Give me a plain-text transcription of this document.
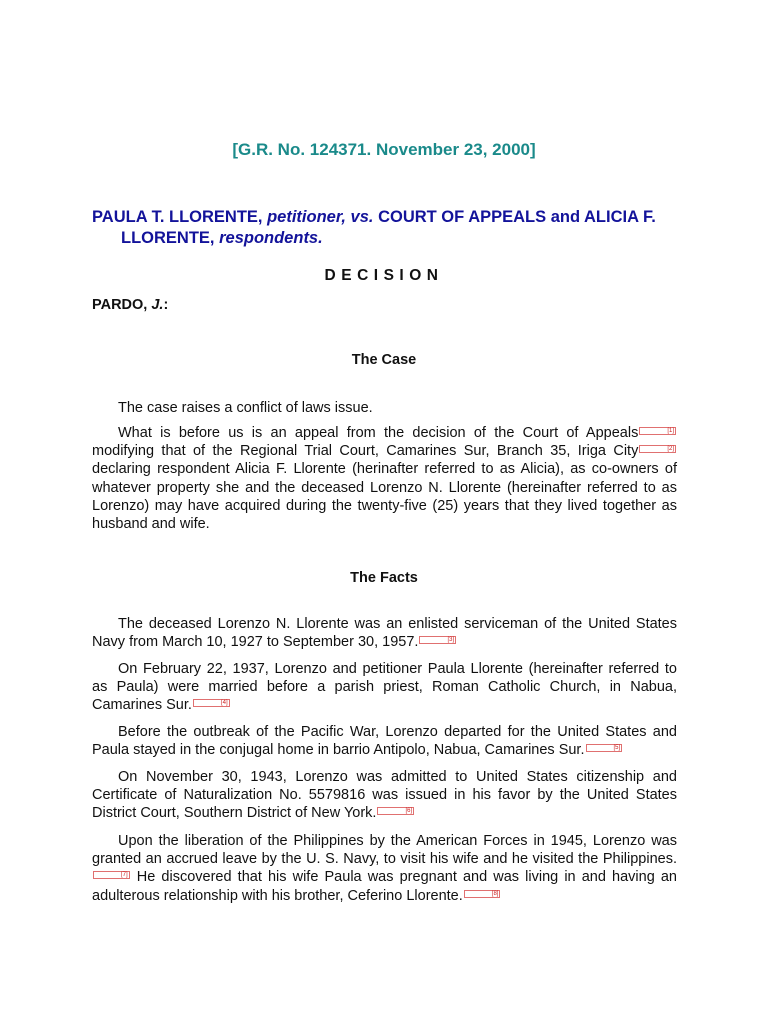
[G.R. No. 124371. November 23, 2000]
PAULA T. LLORENTE, petitioner, vs. COURT OF APPEALS and ALICIA F. LLORENTE, respondents.
DECISION
PARDO, J.:
The Case
The case raises a conflict of laws issue.
What is before us is an appeal from the decision of the Court of Appeals	[1] modifying that of the Regional Trial Court, Camarines Sur, Branch 35, Iriga City	[2] declaring respondent Alicia F. Llorente (herinafter referred to as Alicia), as co-owners of whatever property she and the deceased Lorenzo N. Llorente (hereinafter referred to as Lorenzo) may have acquired during the twenty-five (25) years that they lived together as husband and wife.
The Facts
The deceased Lorenzo N. Llorente was an enlisted serviceman of the United States Navy from March 10, 1927 to September 30, 1957.	[3]
On February 22, 1937, Lorenzo and petitioner Paula Llorente (hereinafter referred to as Paula) were married before a parish priest, Roman Catholic Church, in Nabua, Camarines Sur.	[4]
Before the outbreak of the Pacific War, Lorenzo departed for the United States and Paula stayed in the conjugal home in barrio Antipolo, Nabua, Camarines Sur.	[5]
On November 30, 1943, Lorenzo was admitted to United States citizenship and Certificate of Naturalization No. 5579816 was issued in his favor by the United States District Court, Southern District of New York.	[6]
Upon the liberation of the Philippines by the American Forces in 1945, Lorenzo was granted an accrued leave by the U. S. Navy, to visit his wife and he visited the Philippines.[7] He discovered that his wife Paula was pregnant and was living in and having an adulterous relationship with his brother, Ceferino Llorente.	[8]
